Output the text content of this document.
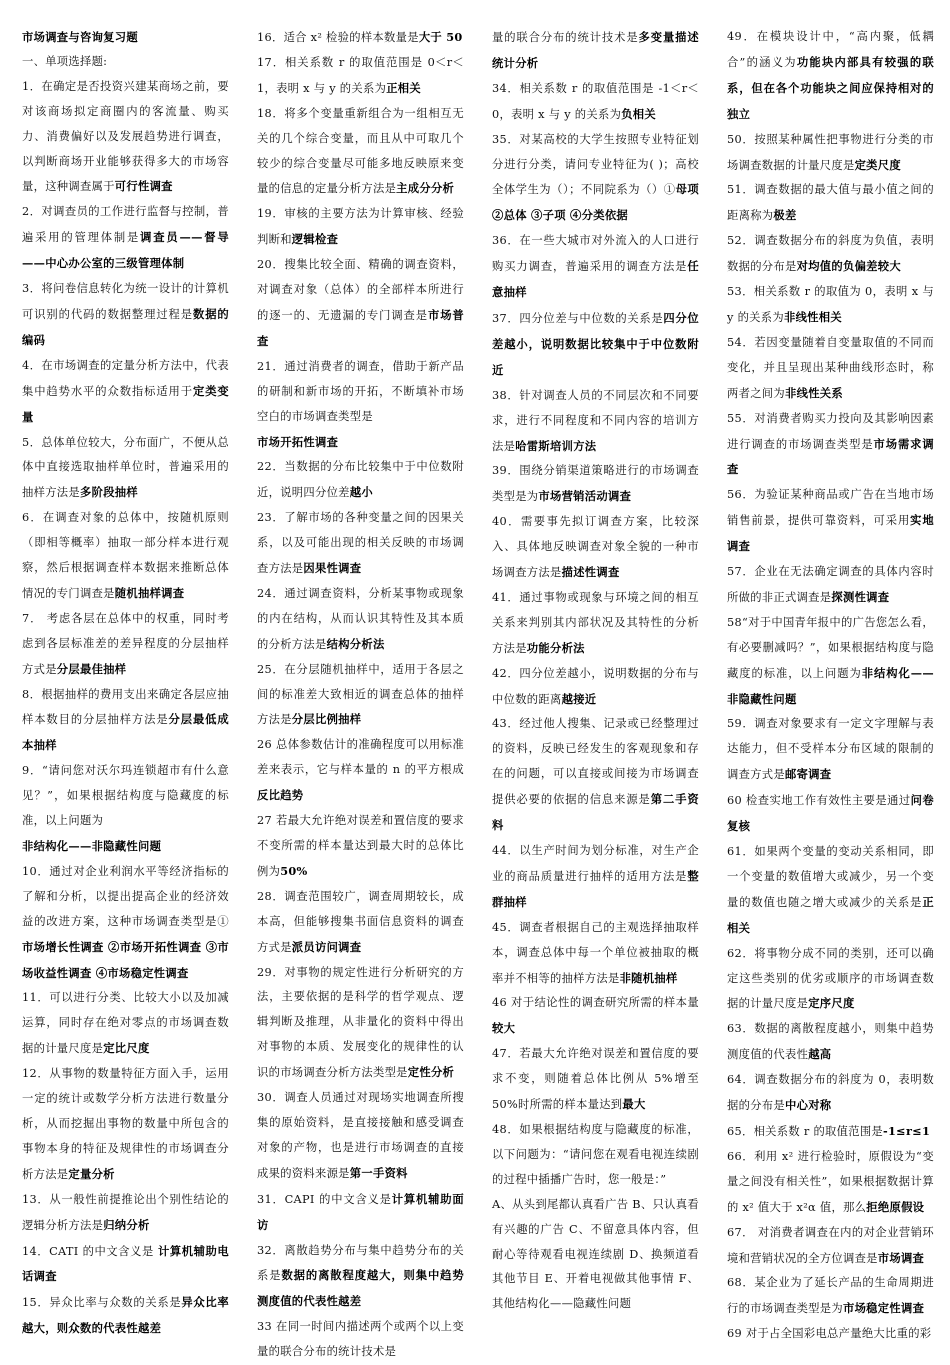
市场调查与咨询复习题

一、单项选择题:

1．在确定是否投资兴建某商场之前，要对该商场拟定商圈内的客流量、购买力、消费偏好以及发展趋势进行调查，以判断商场开业能够获得多大的市场容量，这种调查属于可行性调查

2．对调查员的工作进行监督与控制，普遍采用的管理体制是调查员——督导——中心办公室的三级管理体制

3．将问卷信息转化为统一设计的计算机可识别的代码的数据整理过程是数据的编码

4．在市场调查的定量分析方法中，代表集中趋势水平的众数指标适用于定类变量

5．总体单位较大，分布面广，不便从总体中直接选取抽样单位时，普遍采用的抽样方法是多阶段抽样

6．在调查对象的总体中，按随机原则（即相等概率）抽取一部分样本进行观察，然后根据调查样本数据来推断总体情况的专门调查是随机抽样调查

7． 考虑各层在总体中的权重，同时考虑到各层标准差的差异程度的分层抽样方式是分层最佳抽样

8．根据抽样的费用支出来确定各层应抽样本数目的分层抽样方法是分层最低成本抽样

9．“请问您对沃尔玛连锁超市有什么意见？”，如果根据结构度与隐藏度的标准，以上问题为
非结构化——非隐藏性问题

10．通过对企业利润水平等经济指标的了解和分析，以提出提高企业的经济效益的改进方案，这种市场调查类型是①市场增长性调查 ②市场开拓性调查 ③市场收益性调查 ④市场稳定性调查

11．可以进行分类、比较大小以及加减运算，同时存在绝对零点的市场调查数据的计量尺度是定比尺度

12．从事物的数量特征方面入手，运用一定的统计或数学分析方法进行数量分析，从而挖掘出事物的数量中所包含的事物本身的特征及规律性的市场调查分析方法是定量分析

13．从一般性前提推论出个别性结论的逻辑分析方法是归纳分析

14．CATI 的中文含义是 计算机辅助电话调查

15．异众比率与众数的关系是异众比率越大，则众数的代表性越差

16．适合 x² 检验的样本数量是大于 50

17．相关系数 r 的取值范围是 0＜r＜1，表明 x 与 y 的关系为正相关

18．将多个变量重新组合为一组相互无关的几个综合变量，而且从中可取几个较少的综合变量尽可能多地反映原来变量的信息的定量分析方法是主成分分析

19．审核的主要方法为计算审核、经验判断和逻辑检查

20．搜集比较全面、精确的调查资料，对调查对象（总体）的全部样本所进行的逐一的、无遗漏的专门调查是市场普查

21．通过消费者的调查，借助于新产品的研制和新市场的开拓，不断填补市场空白的市场调查类型是
市场开拓性调查

22．当数据的分布比较集中于中位数附近，说明四分位差越小

23．了解市场的各种变量之间的因果关系，以及可能出现的相关反映的市场调查方法是因果性调查

24．通过调查资料，分析某事物或现象的内在结构，从而认识其特性及其本质的分析方法是结构分析法

25．在分层随机抽样中，适用于各层之间的标准差大致相近的调查总体的抽样方法是分层比例抽样

26 总体参数估计的准确程度可以用标准差来表示，它与样本量的 n 的平方根成反比趋势

27 若最大允许绝对误差和置信度的要求不变所需的样本量达到最大时的总体比例为50%

28．调查范围较广，调查周期较长，成本高，但能够搜集书面信息资料的调查方式是派员访问调查

29．对事物的规定性进行分析研究的方法，主要依据的是科学的哲学观点、逻辑判断及推理，从非量化的资料中得出对事物的本质、发展变化的规律性的认识的市场调查分析方法类型是定性分析

30．调查人员通过对现场实地调查所搜集的原始资料，是直接接触和感受调查对象的产物，也是进行市场调查的直接成果的资料来源是第一手资料

31．CAPI 的中文含义是计算机辅助面访

32．离散趋势分布与集中趋势分布的关系是数据的离散程度越大，则集中趋势测度值的代表性越差

33 在同一时间内描述两个或两个以上变量的联合分布的统计技术是

量的联合分布的统计技术是多变量描述统计分析

34．相关系数 r 的取值范围是 -1＜r＜0，表明 x 与 y 的关系为负相关

35．对某高校的大学生按照专业特征划分进行分类，请问专业特征为( )；高校全体学生为（）；不同院系为（）①母项 ②总体 ③子项 ④分类依据

36．在一些大城市对外流入的人口进行购买力调查，普遍采用的调查方法是任意抽样

37．四分位差与中位数的关系是四分位差越小，说明数据比较集中于中位数附近

38．针对调查人员的不同层次和不同要求，进行不同程度和不同内容的培训方法是哈雷斯培训方法

39．围绕分销渠道策略进行的市场调查类型是为市场营销活动调查

40．需要事先拟订调查方案，比较深入、具体地反映调查对象全貌的一种市场调查方法是描述性调查

41．通过事物或现象与环境之间的相互关系来判别其内部状况及其特性的分析方法是功能分析法

42．四分位差越小，说明数据的分布与中位数的距离越接近

43．经过他人搜集、记录或已经整理过的资料，反映已经发生的客观现象和存在的问题，可以直接或间接为市场调查提供必要的依据的信息来源是第二手资料

44．以生产时间为划分标准，对生产企业的商品质量进行抽样的适用方法是整群抽样

45．调查者根据自己的主观选择抽取样本，调查总体中每一个单位被抽取的概率并不相等的抽样方法是非随机抽样

46 对于结论性的调查研究所需的样本量较大

47．若最大允许绝对误差和置信度的要求不变，则随着总体比例从 5%增至 50%时所需的样本量达到最大

48．如果根据结构度与隐藏度的标准，以下问题为：“请问您在观看电视连续剧的过程中插播广告时，您一般是：”

A、从头到尾都认真看广告 B、只认真看有兴趣的广告 C、不留意具体内容，但耐心等待观看电视连续剧 D、换频道看其他节目 E、开着电视做其他事情 F、其他结构化——隐藏性问题

49．在模块设计中，“高内聚，低耦合”的涵义为功能块内部具有较强的联系，但在各个功能块之间应保持相对的独立

50．按照某种属性把事物进行分类的市场调查数据的计量尺度是定类尺度

51．调查数据的最大值与最小值之间的距离称为极差

52．调查数据分布的斜度为负值，表明数据的分布是对均值的负偏差较大

53．相关系数 r 的取值为 0，表明 x 与 y 的关系为非线性相关

54．若因变量随着自变量取值的不同而变化，并且呈现出某种曲线形态时，称两者之间为非线性关系

55．对消费者购买力投向及其影响因素进行调查的市场调查类型是市场需求调查

56．为验证某种商品或广告在当地市场销售前景，提供可靠资料，可采用实地调查

57．企业在无法确定调查的具体内容时所做的非正式调查是探测性调查

58“对于中国青年报中的广告您怎么看，有必要删减吗？”，如果根据结构度与隐藏度的标准，以上问题为非结构化——非隐藏性问题

59．调查对象要求有一定文字理解与表达能力，但不受样本分布区域的限制的调查方式是邮寄调查

60 检查实地工作有效性主要是通过问卷复核

61．如果两个变量的变动关系相同，即一个变量的数值增大或减少，另一个变量的数值也随之增大或减少的关系是正相关

62．将事物分成不同的类别，还可以确定这些类别的优劣或顺序的市场调查数据的计量尺度是定序尺度

63．数据的离散程度越小，则集中趋势测度值的代表性越高

64．调查数据分布的斜度为 0，表明数据的分布是中心对称

65．相关系数 r 的取值范围是-1≤r≤1

66．利用 x² 进行检验时，原假设为“变量之间没有相关性”，如果根据数据计算的 x² 值大于 x²α 值，那么拒绝原假设

67． 对消费者调查在内的对企业营销环境和营销状况的全方位调查是市场调查

68．某企业为了延长产品的生命周期进行的市场调查类型是为市场稳定性调查

69 对于占全国彩电总产量绝大比重的彩
